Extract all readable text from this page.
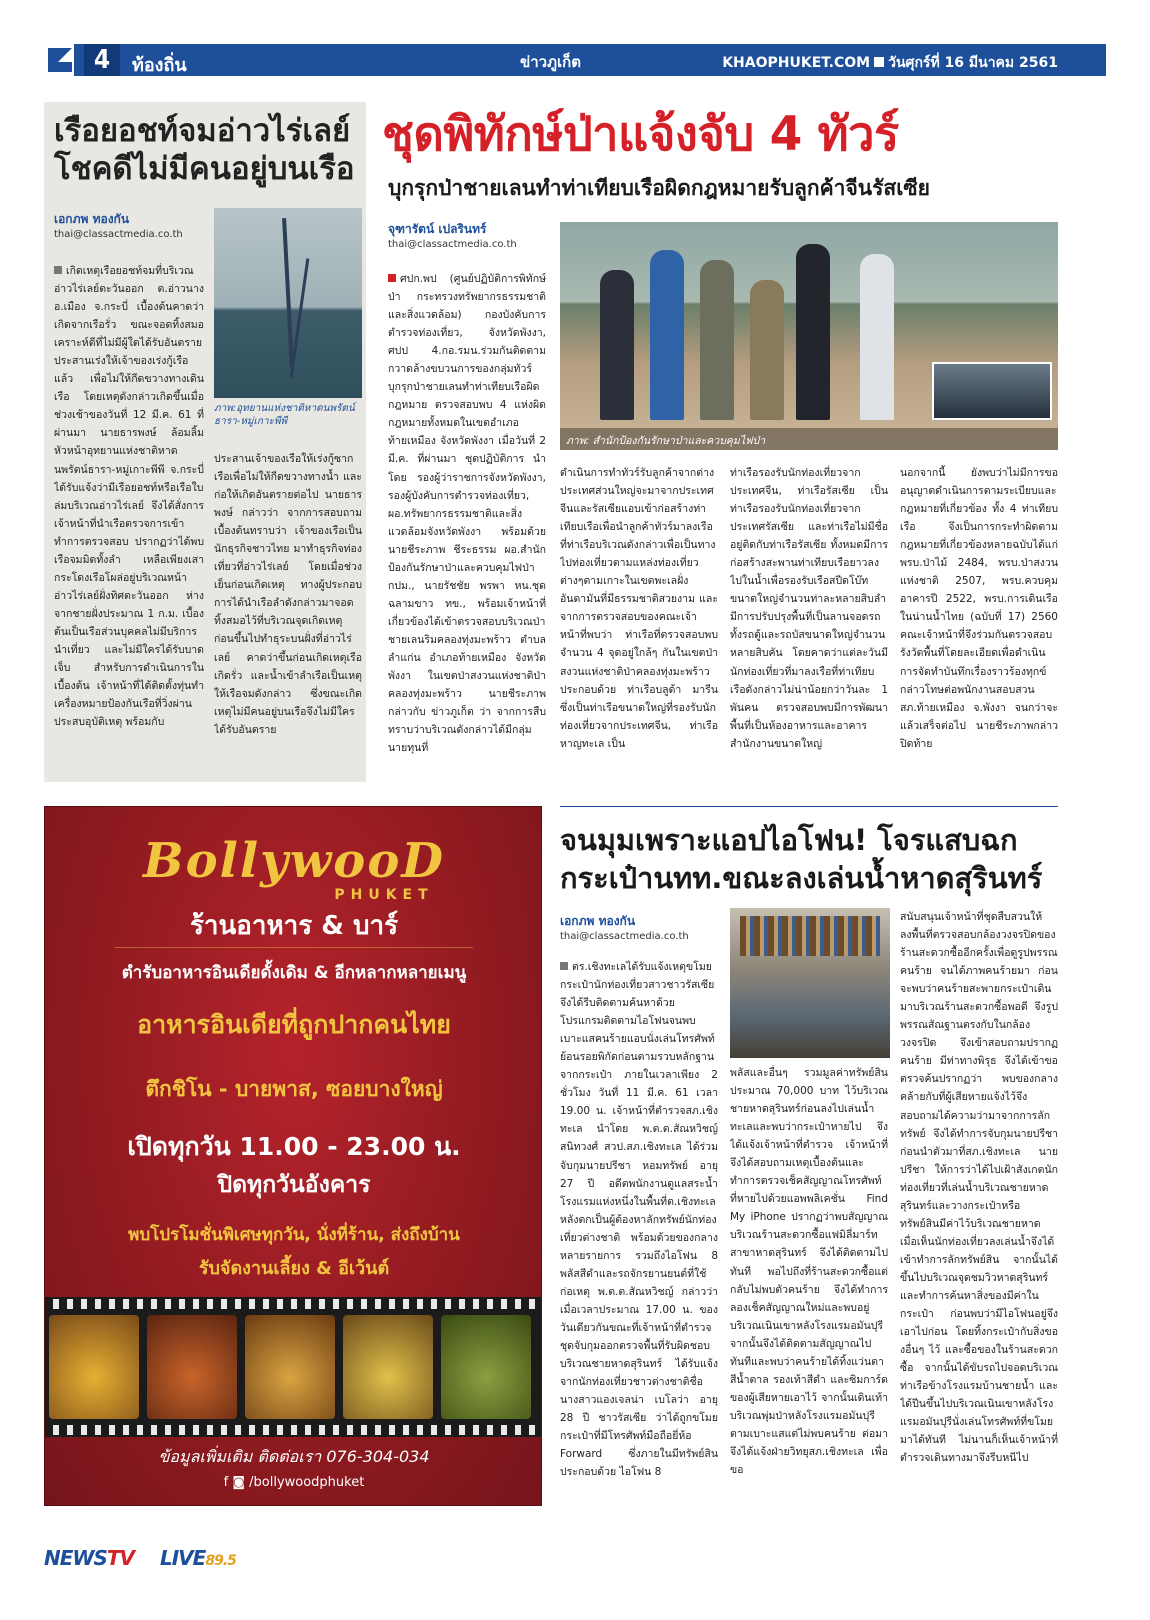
4	ท้องถิ่น	ข่าวภูเก็ต	KHAOPHUKET.COM วันศุกร์ที่ 16 มีนาคม 2561
เรือยอชท์จมอ่าวไร่เลย์
โชคดีไม่มีคนอยู่บนเรือ
เอกภพ ทองกัน
thai@classactmedia.co.th
ภาพ:อุทยานแห่งชาติหาดนพรัตน์ธารา-หมู่เกาะพีพี
เกิดเหตุเรือยอชท์จมที่บริเวณอ่าวไร่เลย์ตะวันออก ต.อ่าวนาง อ.เมือง จ.กระบี่ เบื้องต้นคาดว่าเกิดจากเรือรั่ว ขณะจอดทิ้งสมอ เคราะห์ดีที่ไม่มีผู้ใดได้รับอันตราย ประสานเร่งให้เจ้าของเร่งกู้เรือแล้ว เพื่อไม่ให้กีดขวางทางเดินเรือ โดยเหตุดังกล่าวเกิดขึ้นเมื่อช่วงเช้าของวันที่ 12 มี.ค. 61 ที่ผ่านมา นายธารพงษ์ ล้อมลิ้ม หัวหน้าอุทยานแห่งชาติหาดนพรัตน์ธารา-หมู่เกาะพีพี จ.กระบี่ ได้รับแจ้งว่ามีเรือยอชท์หรือเรือใบล่มบริเวณอ่าวไร่เลย์ จึงได้สั่งการเจ้าหน้าที่นำเรือตรวจการเข้าทำการตรวจสอบ ปรากฏว่าได้พบเรือจมมิดทั้งลำ เหลือเพียงเสากระโดงเรือโผล่อยู่บริเวณหน้าอ่าวไร่เลย์ฝั่งทิศตะวันออก ห่างจากชายฝั่งประมาณ 1 ก.ม. เบื้องต้นเป็นเรือส่วนบุคคลไม่มีบริการนำเที่ยว และไม่มีใครได้รับบาดเจ็บ สำหรับการดำเนินการในเบื้องต้น เจ้าหน้าที่ได้ติดตั้งทุ่นทำเครื่องหมายป้องกันเรือที่วิ่งผ่านประสบอุบัติเหตุ พร้อมกับ
ประสานเจ้าของเรือให้เร่งกู้ซากเรือเพื่อไม่ให้กีดขวางทางน้ำ และก่อให้เกิดอันตรายต่อไป นายธารพงษ์ กล่าวว่า จากการสอบถามเบื้องต้นทราบว่า เจ้าของเรือเป็นนักธุรกิจชาวไทย มาทำธุรกิจท่องเที่ยวที่อ่าวไร่เลย์ โดยเมื่อช่วงเย็นก่อนเกิดเหตุ ทางผู้ประกอบการได้นำเรือลำดังกล่าวมาจอดทิ้งสมอไว้ที่บริเวณจุดเกิดเหตุ ก่อนขึ้นไปทำธุระบนฝั่งที่อ่าวไร่เลย์ คาดว่าขึ้นก่อนเกิดเหตุเรือเกิดรั่ว และน้ำเข้าลำเรือเป็นเหตุให้เรือจมดังกล่าว ซึ่งขณะเกิดเหตุไม่มีคนอยู่บนเรือจึงไม่มีใครได้รับอันตราย
ชุดพิทักษ์ป่าแจ้งจับ 4 ทัวร์
บุกรุกป่าชายเลนทำท่าเทียบเรือผิดกฎหมายรับลูกค้าจีนรัสเซีย
จุฑารัตน์ เปลรินทร์
thai@classactmedia.co.th
ภาพ: สำนักป้องกันรักษาป่าและควบคุมไฟป่า
ศปก.พป (ศูนย์ปฏิบัติการพิทักษ์ป่า กระทรวงทรัพยากรธรรมชาติและสิ่งแวดล้อม) กองบังคับการตำรวจท่องเที่ยว, จังหวัดพังงา, ศปป 4.กอ.รมน.ร่วมกันติดตามกวาดล้างขบวนการของกลุ่มทัวร์บุกรุกป่าชายเลนทำท่าเทียบเรือผิดกฎหมาย ตรวจสอบพบ 4 แห่งผิดกฎหมายทั้งหมดในเขตอำเภอท้ายเหมือง จังหวัดพังงา เมื่อวันที่ 2 มี.ค. ที่ผ่านมา ชุดปฏิบัติการ นำโดย รองผู้ว่าราชการจังหวัดพังงา, รองผู้บังคับการตำรวจท่องเที่ยว, ผอ.ทรัพยากรธรรมชาติและสิ่งแวดล้อมจังหวัดพังงา พร้อมด้วยนายชีระภาพ ชีระธรรม ผอ.สำนักป้องกันรักษาป่าและควบคุมไฟป่า กปม., นายรัชชัย พรพา หน.ชุดฉลามขาว ทข., พร้อมเจ้าหน้าที่เกี่ยวข้องได้เข้าตรวจสอบบริเวณป่าชายเลนริมคลองทุ่งมะพร้าว ตำบลลำแก่น อำเภอท้ายเหมือง จังหวัดพังงา ในเขตป่าสงวนแห่งชาติป่าคลองทุ่งมะพร้าว นายชีระภาพ กล่าวกับ ข่าวภูเก็ต ว่า จากการสืบทราบว่าบริเวณดังกล่าวได้มีกลุ่มนายทุนที่
ดำเนินการทำทัวร์รับลูกค้าจากต่างประเทศส่วนใหญ่จะมาจากประเทศจีนและรัสเซียแอบเข้าก่อสร้างท่าเทียบเรือเพื่อนำลูกค้าทัวร์มาลงเรือที่ท่าเรือบริเวณดังกล่าวเพื่อเป็นทางไปท่องเที่ยวตามแหล่งท่องเที่ยวต่างๆตามเกาะในเขตพะเลฝั่งอันดามันที่มีธรรมชาติสวยงาม และจากการตรวจสอบของคณะเจ้าหน้าที่พบว่า ท่าเรือที่ตรวจสอบพบจำนวน 4 จุดอยู่ใกล้ๆ กันในเขตป่าสงวนแห่งชาติป่าคลองทุ่งมะพร้าว ประกอบด้วย ท่าเรือบลูด้า มารีน ซึ่งเป็นท่าเรือขนาดใหญ่ที่รองรับนักท่องเที่ยวจากประเทศจีน, ท่าเรือหาญทะเล เป็น
ท่าเรือรองรับนักท่องเที่ยวจากประเทศจีน, ท่าเรือรัสเซีย เป็นท่าเรือรองรับนักท่องเที่ยวจากประเทศรัสเซีย และท่าเรือไม่มีชื่ออยู่ติดกับท่าเรือรัสเซีย ทั้งหมดมีการก่อสร้างสะพานท่าเทียบเรือยาวลงไปในน้ำเพื่อรองรับเรือสปีดโบ๊ทขนาดใหญ่จำนวนท่าละหลายสิบลำ มีการปรับปรุงพื้นที่เป็นลานจอดรถทั้งรถตู้และรถบัสขนาดใหญ่จำนวนหลายสิบคัน โดยคาดว่าแต่ละวันมีนักท่องเที่ยวที่มาลงเรือที่ท่าเทียบเรือดังกล่าวไม่น่าน้อยกว่าวันละ 1 พันคน ตรวจสอบพบมีการพัฒนาพื้นที่เป็นห้องอาหารและอาคารสำนักงานขนาดใหญ่
นอกจากนี้ ยังพบว่าไม่มีการขออนุญาตดำเนินการตามระเบียบและกฎหมายที่เกี่ยวข้อง ทั้ง 4 ท่าเทียบเรือ จึงเป็นการกระทำผิดตามกฎหมายที่เกี่ยวข้องหลายฉบับได้แก่ พรบ.ป่าไม้ 2484, พรบ.ป่าสงวนแห่งชาติ 2507, พรบ.ควบคุมอาคารปี 2522, พรบ.การเดินเรือในน่านน้ำไทย (ฉบับที่ 17) 2560 คณะเจ้าหน้าที่จึงร่วมกันตรวจสอบรังวัดพื้นที่โดยละเอียดเพื่อดำเนินการจัดทำบันทึกเรื่องราวร้องทุกข์กล่าวโทษต่อพนักงานสอบสวน สภ.ท้ายเหมือง จ.พังงา จนกว่าจะแล้วเสร็จต่อไป นายชีระภาพกล่าวปิดท้าย
BollywooD
PHUKET
ร้านอาหาร & บาร์
ตำรับอาหารอินเดียดั้งเดิม & อีกหลากหลายเมนู
อาหารอินเดียที่ถูกปากคนไทย
ตึกชิโน - บายพาส, ซอยบางใหญ่
เปิดทุกวัน 11.00 - 23.00 น.
ปิดทุกวันอังคาร
พบโปรโมชั่นพิเศษทุกวัน, นั่งที่ร้าน, ส่งถึงบ้าน
รับจัดงานเลี้ยง & อีเว้นต์
ข้อมูลเพิ่มเติม ติดต่อเรา 076-304-034
f ◙ /bollywoodphuket
จนมุมเพราะแอปไอโฟน! โจรแสบฉก
กระเป๋านทท.ขณะลงเล่นน้ำหาดสุรินทร์
เอกภพ ทองกัน
thai@classactmedia.co.th
ตร.เชิงทะเลได้รับแจ้งเหตุขโมยกระเป๋านักท่องเที่ยวสาวชาวรัสเซีย จึงได้รีบติดตามค้นหาด้วยโปรแกรมติดตามไอโฟนจนพบเบาะแสคนร้ายแอบนั่งเล่นโทรศัพท์ ย้อนรอยพิกัดก่อนตามรวบหลักฐานจากกระเป๋า ภายในเวลาเพียง 2 ชั่วโมง วันที่ 11 มี.ค. 61 เวลา 19.00 น. เจ้าหน้าที่ตำรวจสภ.เชิงทะเล นำโดย พ.ต.ต.สัณหวิชญ์ สนิทวงศ์ สวป.สภ.เชิงทะเล ได้ร่วมจับกุมนายปรีชา หอมทรัพย์ อายุ 27 ปี อดีตพนักงานดูแลสระน้ำโรงแรมแห่งหนึ่งในพื้นที่ต.เชิงทะเล หลังตกเป็นผู้ต้องหาลักทรัพย์นักท่องเที่ยวต่างชาติ พร้อมด้วยของกลางหลายรายการ รวมถึงไอโฟน 8 พลัสสีดำและรถจักรยานยนต์ที่ใช้ก่อเหตุ พ.ต.ต.สัณหวิชญ์ กล่าวว่า เมื่อเวลาประมาณ 17.00 น. ของวันเดียวกันขณะที่เจ้าหน้าที่ตำรวจชุดจับกุมออกตรวจพื้นที่รับผิดชอบบริเวณชายหาดสุรินทร์ ได้รับแจ้งจากนักท่องเที่ยวชาวต่างชาติชื่อนางสาวแองเจลน่า เบโลว่า อายุ 28 ปี ชาวรัสเซีย ว่าได้ถูกขโมยกระเป๋าที่มีโทรศัพท์มือถือยี่ห้อ Forward ซึ่งภายในมีทรัพย์สินประกอบด้วย ไอโฟน 8
พลัสและอื่นๆ รวมมูลค่าทรัพย์สินประมาณ 70,000 บาท ไว้บริเวณชายหาดสุรินทร์ก่อนลงไปเล่นน้ำทะเลและพบว่ากระเป๋าหายไป จึงได้แจ้งเจ้าหน้าที่ตำรวจ เจ้าหน้าที่จึงได้สอบถามเหตุเบื้องต้นและทำการตรวจเช็คสัญญาณโทรศัพท์ที่หายไปด้วยแอพพลิเคชั่น Find My iPhone ปรากฏว่าพบสัญญาณบริเวณร้านสะดวกซื้อแฟมิลี่มาร์ท สาขาหาดสุรินทร์ จึงได้ติดตามไปทันที พอไปถึงที่ร้านสะดวกซื้อแต่กลับไม่พบตัวคนร้าย จึงได้ทำการลองเช็คสัญญาณใหม่และพบอยู่บริเวณเนินเขาหลังโรงแรมอมันปุรี จากนั้นจึงได้ติดตามสัญญาณไปทันทีและพบว่าคนร้ายได้ทิ้งแว่นตาสีน้ำตาล รองเท้าสีดำ และซิมการ์ดของผู้เสียหายเอาไว้ จากนั้นเดินเท้าบริเวณพุ่มป่าหลังโรงแรมอมันปุรี ตามเบาะแสแต่ไม่พบคนร้าย ต่อมาจึงได้แจ้งฝ่ายวิทยุสภ.เชิงทะเล เพื่อขอ
สนับสนุนเจ้าหน้าที่ชุดสืบสวนให้ลงพื้นที่ตรวจสอบกล้องวงจรปิดของร้านสะดวกซื้ออีกครั้งเพื่อดูรูปพรรณคนร้าย จนได้ภาพคนร้ายมา ก่อนจะพบว่าคนร้ายสะพายกระเป๋าเดินมาบริเวณร้านสะดวกซื้อพอดี จึงรูปพรรณสัณฐานตรงกับในกล้องวงจรปิด จึงเข้าสอบถามปรากฏคนร้าย มีท่าทางพิรุธ จึงได้เข้าขอตรวจค้นปรากฏว่า พบของกลางคล้ายกับที่ผู้เสียหายแจ้งไว้จึงสอบถามได้ความว่ามาจากการลักทรัพย์ จึงได้ทำการจับกุมนายปรีชา ก่อนนำตัวมาที่สภ.เชิงทะเล นายปรีชา ให้การว่าได้ไปเฝ้าสังเกตนักท่องเที่ยวที่เล่นน้ำบริเวณชายหาดสุรินทร์และวางกระเป๋าหรือทรัพย์สินมีค่าไว้บริเวณชายหาด เมื่อเห็นนักท่องเที่ยวลงเล่นน้ำจึงได้เข้าทำการลักทรัพย์สิน จากนั้นได้ขึ้นไปบริเวณจุดชมวิวหาดสุรินทร์และทำการค้นหาสิ่งของมีค่าในกระเป๋า ก่อนพบว่ามีไอโฟนอยู่จึงเอาไปก่อน โดยทิ้งกระเป๋ากับสิ่งของอื่นๆ ไว้ และซื้อของในร้านสะดวกซื้อ จากนั้นได้ขับรถไปจอดบริเวณท่าเรือข้างโรงแรมบ้านชายน้ำ และได้ปีนขึ้นไปบริเวณเนินเขาหลังโรงแรมอมันปุรีนั่งเล่นโทรศัพท์ที่ขโมยมาได้ทันที ไม่นานก็เห็นเจ้าหน้าที่ตำรวจเดินทางมาจึงรีบหนีไป
NEWSTV LIVE89.5
